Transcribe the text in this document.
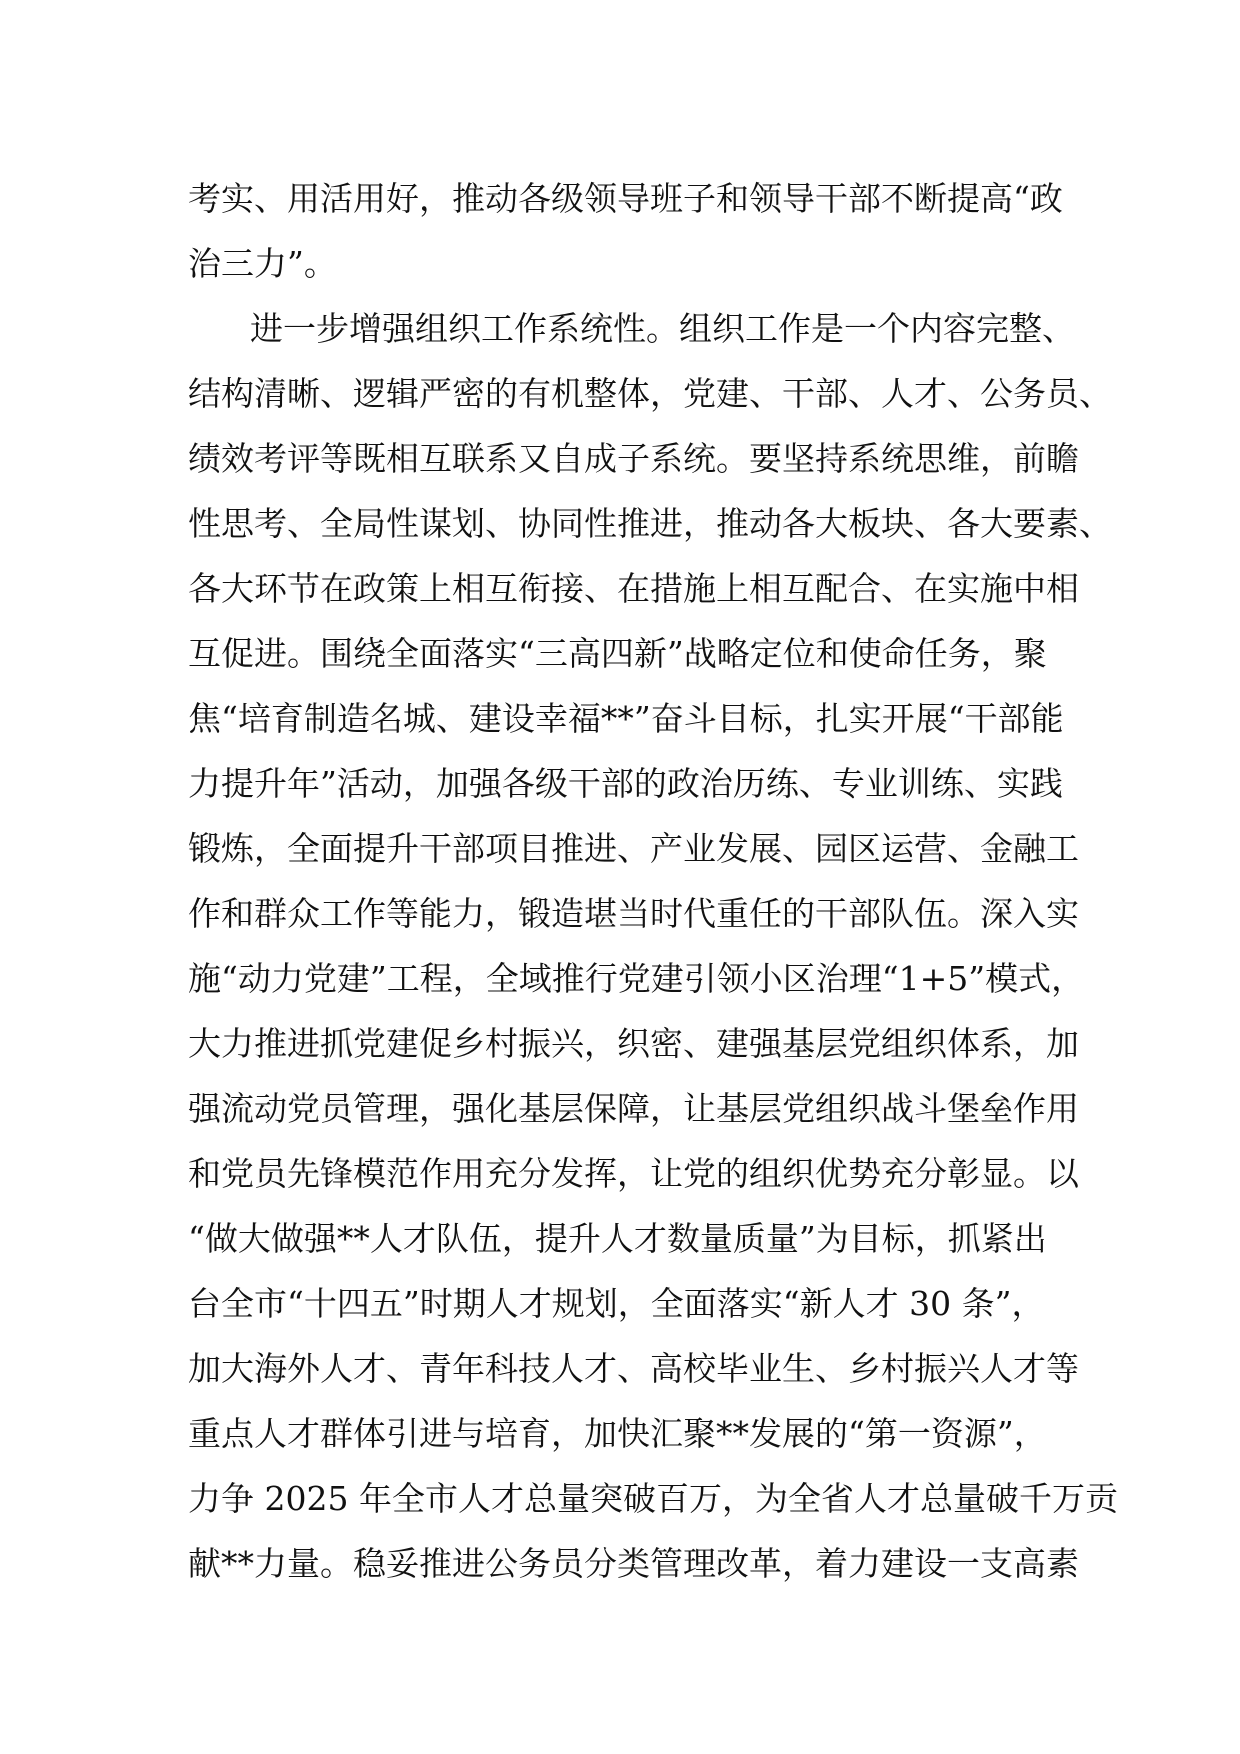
考实、用活用好，推动各级领导班子和领导干部不断提高“政
治三力”。
进一步增强组织工作系统性。组织工作是一个内容完整、
结构清晰、逻辑严密的有机整体，党建、干部、人才、公务员、
绩效考评等既相互联系又自成子系统。要坚持系统思维，前瞻
性思考、全局性谋划、协同性推进，推动各大板块、各大要素、
各大环节在政策上相互衔接、在措施上相互配合、在实施中相
互促进。围绕全面落实“三高四新”战略定位和使命任务，聚
焦“培育制造名城、建设幸福**”奋斗目标，扎实开展“干部能
力提升年”活动，加强各级干部的政治历练、专业训练、实践
锻炼，全面提升干部项目推进、产业发展、园区运营、金融工
作和群众工作等能力，锻造堪当时代重任的干部队伍。深入实
施“动力党建”工程，全域推行党建引领小区治理“1+5”模式，
大力推进抓党建促乡村振兴，织密、建强基层党组织体系，加
强流动党员管理，强化基层保障，让基层党组织战斗堡垒作用
和党员先锋模范作用充分发挥，让党的组织优势充分彰显。以
“做大做强**人才队伍，提升人才数量质量”为目标，抓紧出
台全市“十四五”时期人才规划，全面落实“新人才 30 条”，
加大海外人才、青年科技人才、高校毕业生、乡村振兴人才等
重点人才群体引进与培育，加快汇聚**发展的“第一资源”，
力争 2025 年全市人才总量突破百万，为全省人才总量破千万贡
献**力量。稳妥推进公务员分类管理改革，着力建设一支高素
